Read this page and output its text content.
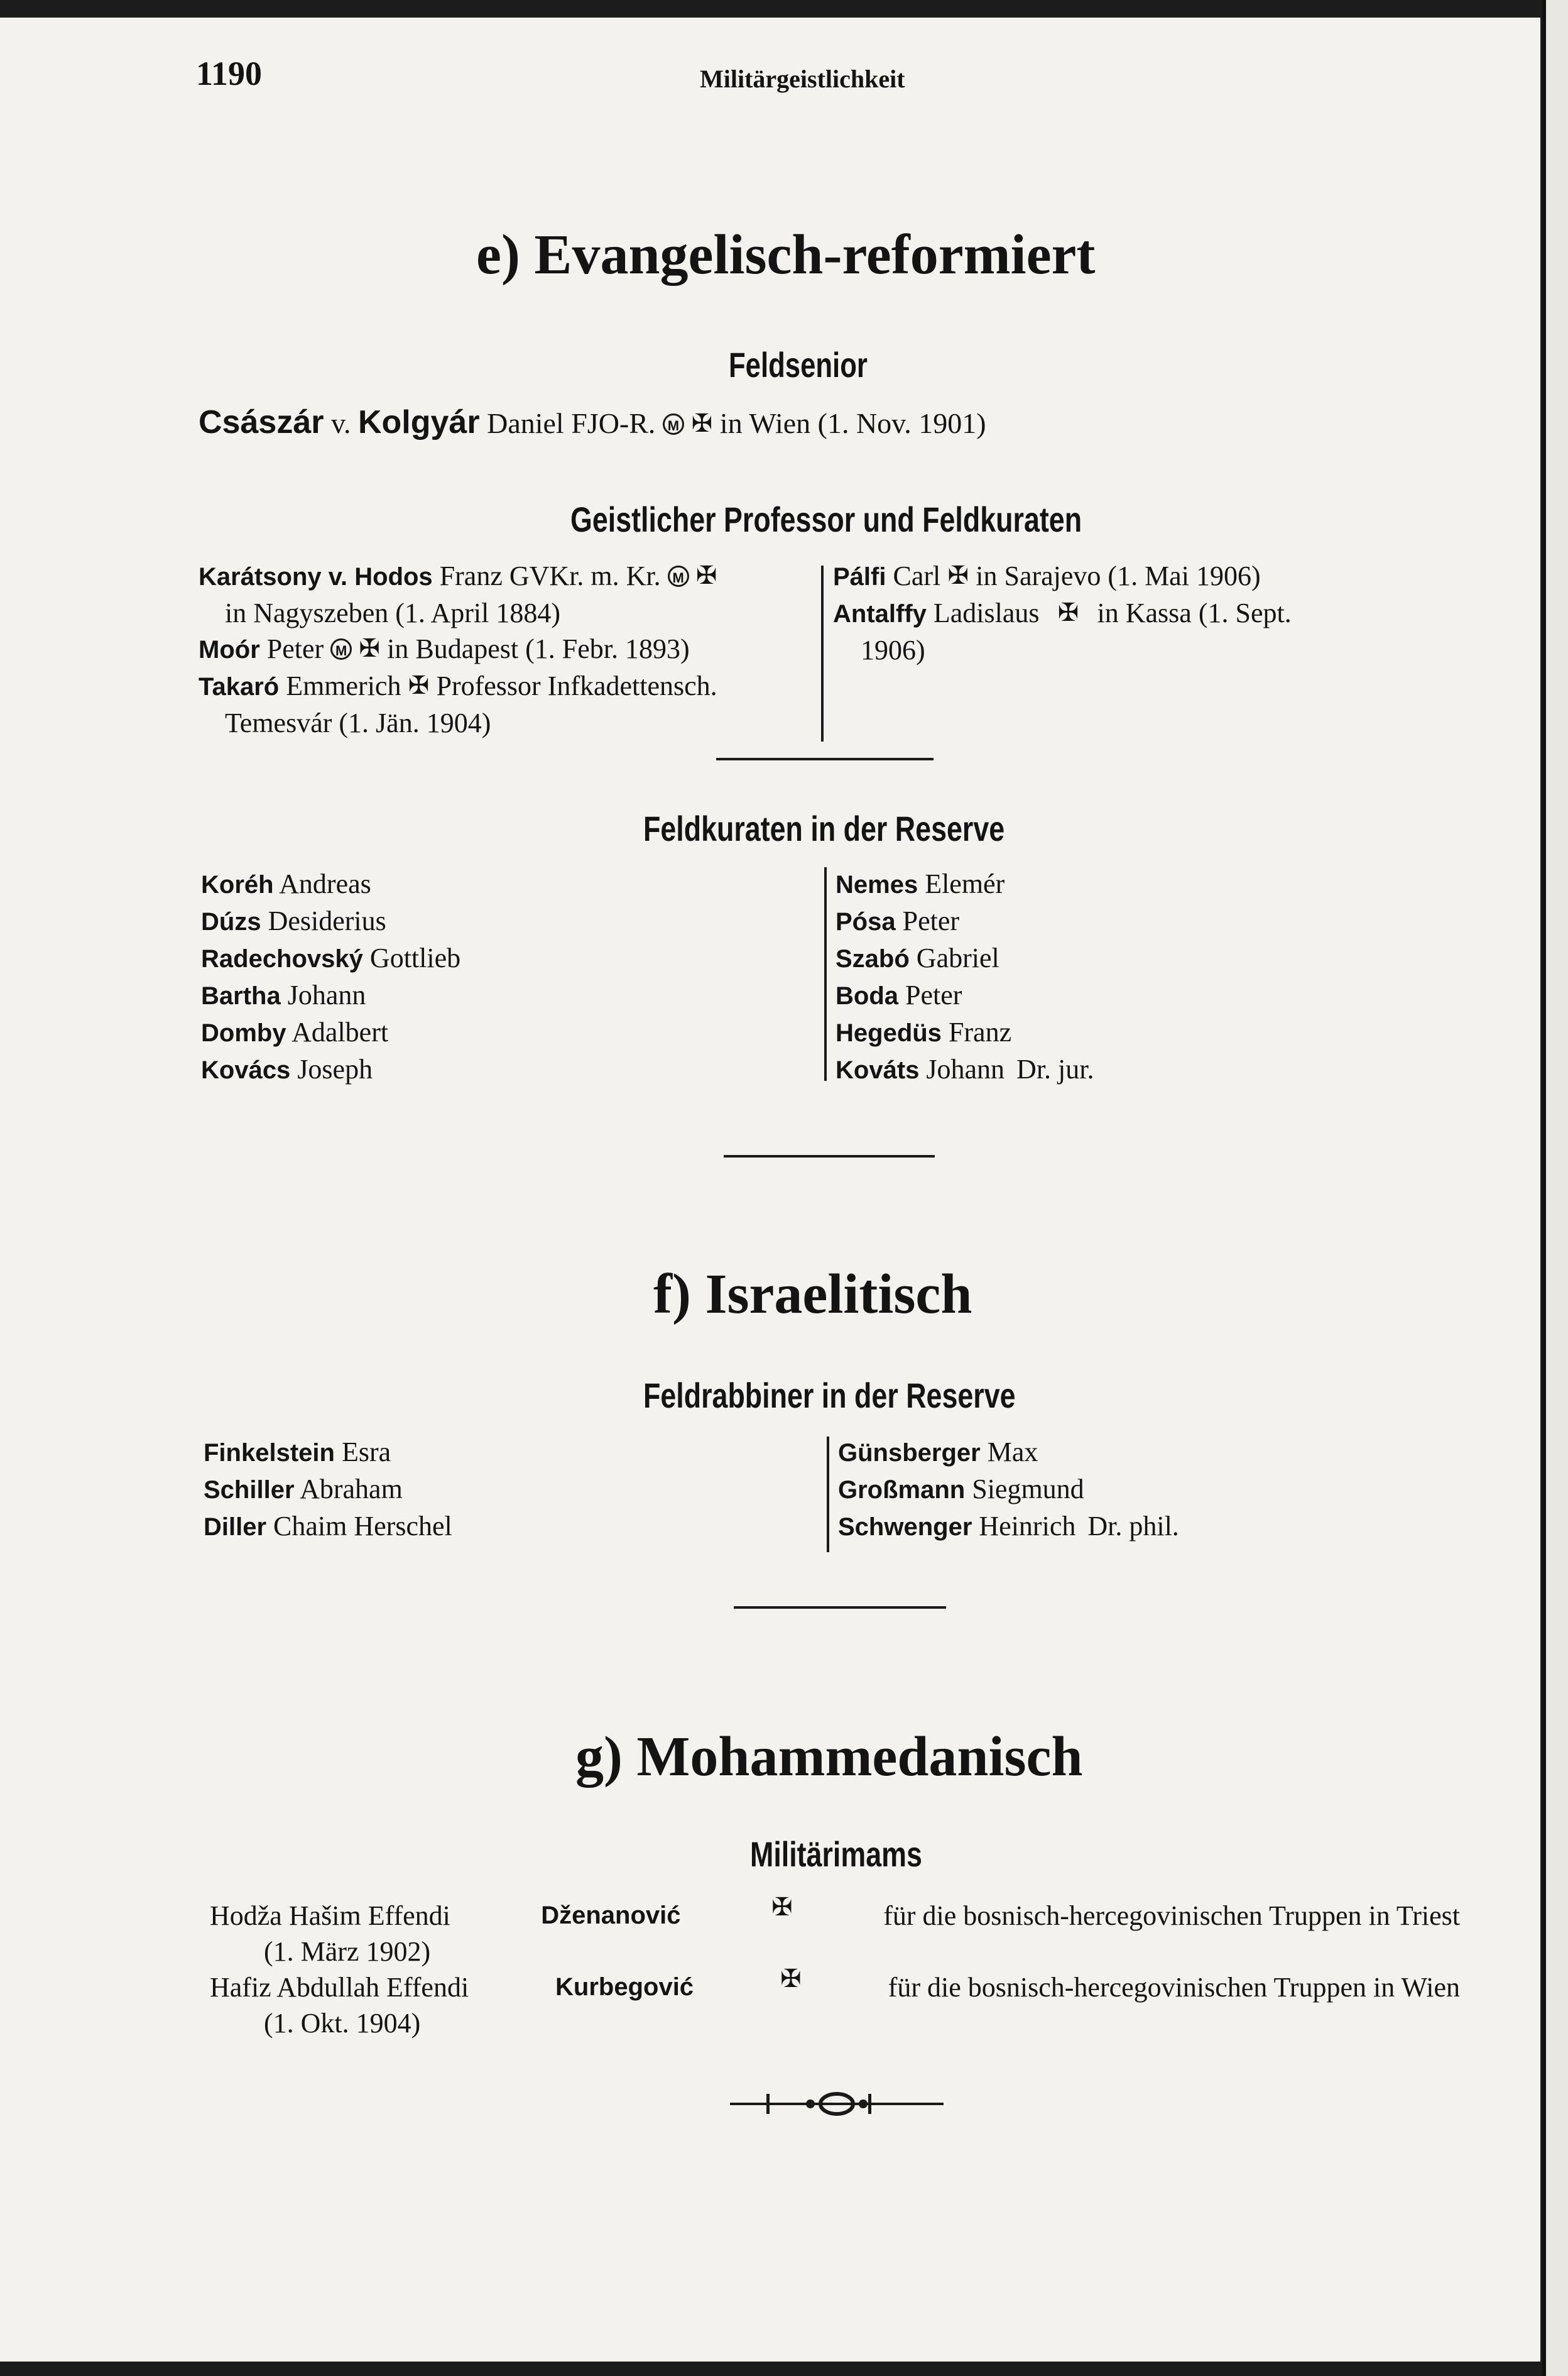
1190	Militärgeistlichkeit
e) Evangelisch-reformiert
Feldsenior
Császár v. Kolgyár Daniel FJO-R. M ✠ in Wien (1. Nov. 1901)
Geistlicher Professor und Feldkuraten
Karátsony v. Hodos Franz GVKr. m. Kr. M ✠
in Nagyszeben (1. April 1884)
Moór Peter M ✠ in Budapest (1. Febr. 1893)
Takaró Emmerich ✠ Professor Infkadettensch.
Temesvár (1. Jän. 1904)
Pálfi Carl ✠ in Sarajevo (1. Mai 1906)
Antalffy Ladislaus ✠ in Kassa (1. Sept.
1906)
Feldkuraten in der Reserve
Koréh Andreas
Dúzs Desiderius
Radechovský Gottlieb
Bartha Johann
Domby Adalbert
Kovács Joseph
Nemes Elemér
Pósa Peter
Szabó Gabriel
Boda Peter
Hegedüs Franz
Kováts Johann Dr. jur.
f) Israelitisch
Feldrabbiner in der Reserve
Finkelstein Esra
Schiller Abraham
Diller Chaim Herschel
Günsberger Max
Großmann Siegmund
Schwenger Heinrich Dr. phil.
g) Mohammedanisch
Militärimams
Hodža Hašim Effendi	Dženanović	✠	für die bosnisch-hercegovinischen Truppen in Triest
(1. März 1902)
Hafiz Abdullah Effendi	Kurbegović	✠	für die bosnisch-hercegovinischen Truppen in Wien
(1. Okt. 1904)
